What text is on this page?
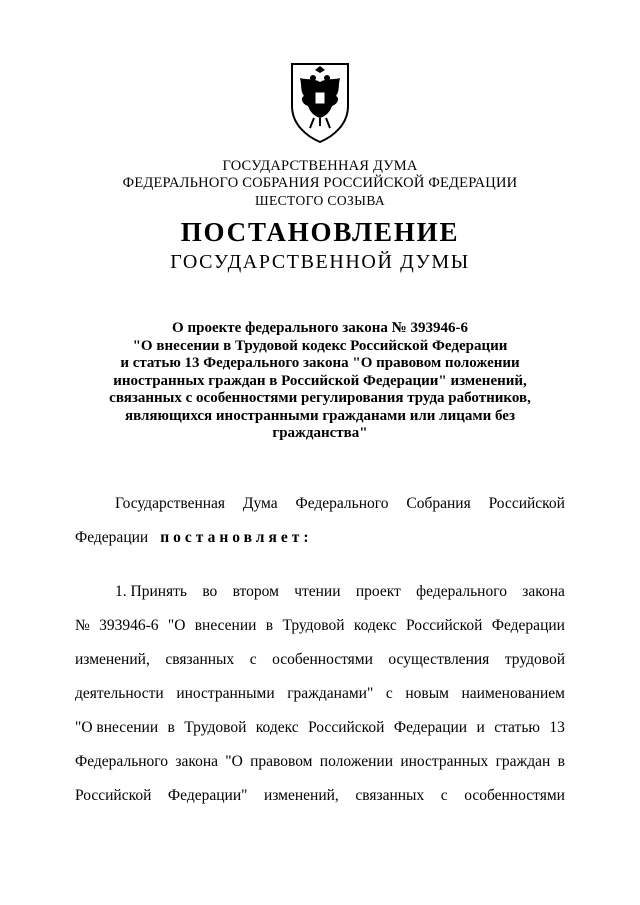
ГОСУДАРСТВЕННАЯ ДУМА
ФЕДЕРАЛЬНОГО СОБРАНИЯ РОССИЙСКОЙ ФЕДЕРАЦИИ
ШЕСТОГО СОЗЫВА
ПОСТАНОВЛЕНИЕ
ГОСУДАРСТВЕННОЙ ДУМЫ
О проекте федерального закона № 393946-6
"О внесении в Трудовой кодекс Российской Федерации
и статью 13 Федерального закона "О правовом положении
иностранных граждан в Российской Федерации" изменений,
связанных с особенностями регулирования труда работников,
являющихся иностранными гражданами или лицами без
гражданства"
Государственная Дума Федерального Собрания Российской
Федерации постановляет:
1. Принять во втором чтении проект федерального закона
№ 393946-6 "О внесении в Трудовой кодекс Российской Федерации
изменений, связанных с особенностями осуществления трудовой
деятельности иностранными гражданами" с новым наименованием
"О внесении в Трудовой кодекс Российской Федерации и статью 13
Федерального закона "О правовом положении иностранных граждан в
Российской Федерации" изменений, связанных с особенностями
